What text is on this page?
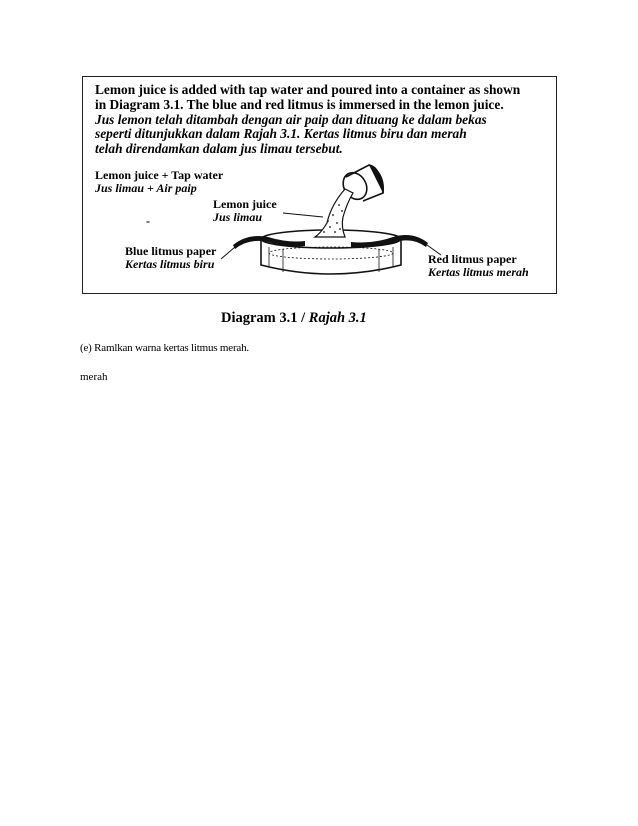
Lemon juice is added with tap water and poured into a container as shown
in Diagram 3.1. The blue and red litmus is immersed in the lemon juice.
Jus lemon telah ditambah dengan air paip dan dituang ke dalam bekas
seperti ditunjukkan dalam Rajah 3.1. Kertas litmus biru dan merah
telah direndamkan dalam jus limau tersebut.
Lemon juice + Tap water
Jus limau + Air paip
-
Lemon juice
Jus limau
Blue litmus paper
Kertas litmus biru	Red litmus paper
Kertas litmus merah
Diagram 3.1 / Rajah 3.1
(e) Ramlkan warna kertas litmus merah.
merah
